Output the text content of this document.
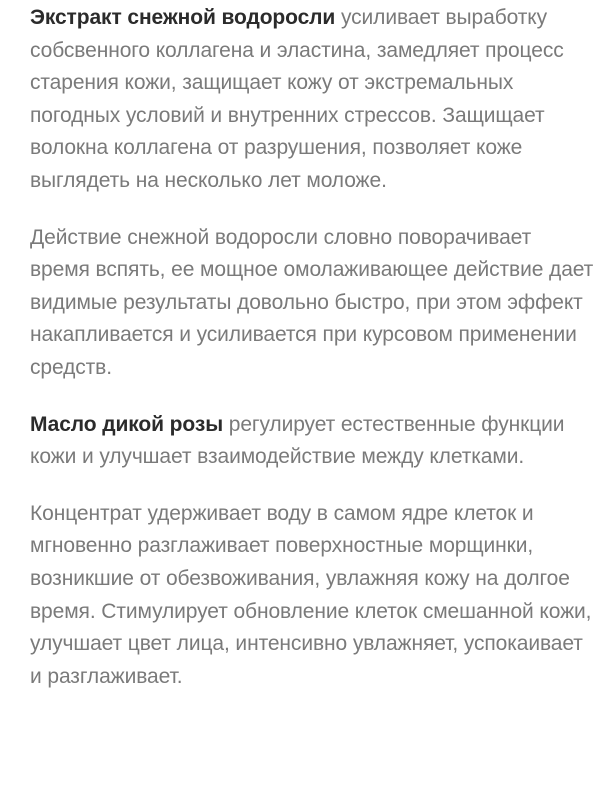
Экстракт снежной водоросли усиливает выработку собсвенного коллагена и эластина, замедляет процесс старения кожи, защищает кожу от экстремальных погодных условий и внутренних стрессов. Защищает волокна коллагена от разрушения, позволяет коже выглядеть на несколько лет моложе.

Действие снежной водоросли словно поворачивает время вспять, ее мощное омолаживающее действие дает видимые результаты довольно быстро, при этом эффект накапливается и усиливается при курсовом применении средств.

Масло дикой розы регулирует естественные функции кожи и улучшает взаимодействие между клетками.

Концентрат удерживает воду в самом ядре клеток и мгновенно разглаживает поверхностные морщинки, возникшие от обезвоживания, увлажняя кожу на долгое время. Стимулирует обновление клеток смешанной кожи, улучшает цвет лица, интенсивно увлажняет, успокаивает и разглаживает.
